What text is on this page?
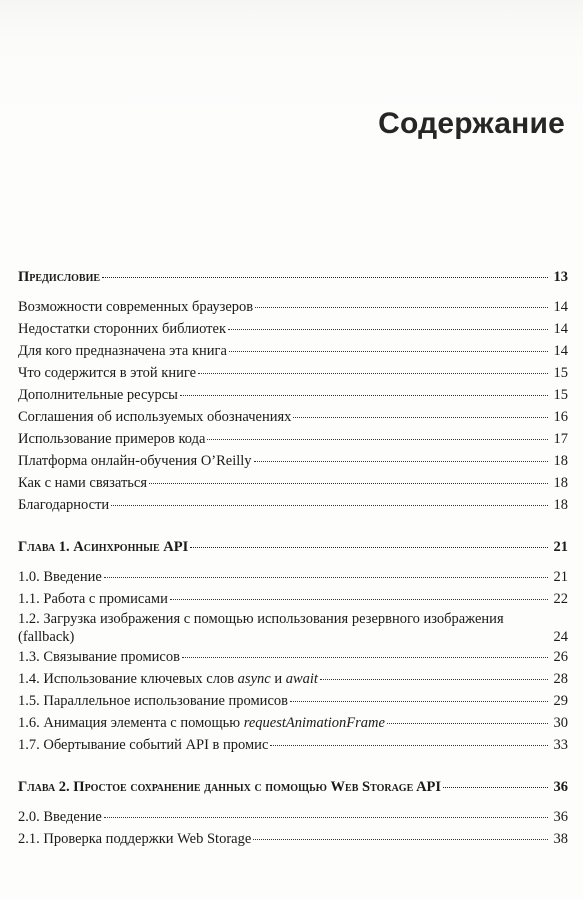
Содержание
Предисловие	13
Возможности современных браузеров	14
Недостатки сторонних библиотек	14
Для кого предназначена эта книга	14
Что содержится в этой книге	15
Дополнительные ресурсы	15
Соглашения об используемых обозначениях	16
Использование примеров кода	17
Платформа онлайн-обучения O’Reilly	18
Как с нами связаться	18
Благодарности	18
Глава 1. Асинхронные API	21
1.0. Введение	21
1.1. Работа с промисами	22
1.2. Загрузка изображения с помощью использования резервного изображения (fallback)	24
1.3. Связывание промисов	26
1.4. Использование ключевых слов async и await	28
1.5. Параллельное использование промисов	29
1.6. Анимация элемента с помощью requestAnimationFrame	30
1.7. Обертывание событий API в промис	33
Глава 2. Простое сохранение данных с помощью Web Storage API	36
2.0. Введение	36
2.1. Проверка поддержки Web Storage	38
